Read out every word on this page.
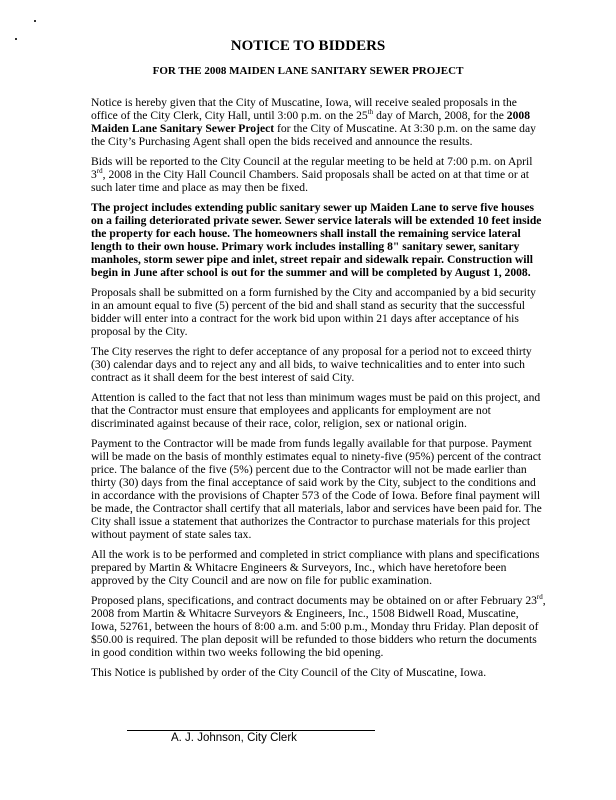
NOTICE TO BIDDERS
FOR THE 2008 MAIDEN LANE SANITARY SEWER PROJECT
Notice is hereby given that the City of Muscatine, Iowa, will receive sealed proposals in the
office of the City Clerk, City Hall, until 3:00 p.m. on the 25th day of March, 2008, for the 2008
Maiden Lane Sanitary Sewer Project for the City of Muscatine. At 3:30 p.m. on the same day
the City’s Purchasing Agent shall open the bids received and announce the results.
Bids will be reported to the City Council at the regular meeting to be held at 7:00 p.m. on April
3rd, 2008 in the City Hall Council Chambers. Said proposals shall be acted on at that time or at
such later time and place as may then be fixed.
The project includes extending public sanitary sewer up Maiden Lane to serve five houses
on a failing deteriorated private sewer. Sewer service laterals will be extended 10 feet inside
the property for each house. The homeowners shall install the remaining service lateral
length to their own house. Primary work includes installing 8" sanitary sewer, sanitary
manholes, storm sewer pipe and inlet, street repair and sidewalk repair. Construction will
begin in June after school is out for the summer and will be completed by August 1, 2008.
Proposals shall be submitted on a form furnished by the City and accompanied by a bid security
in an amount equal to five (5) percent of the bid and shall stand as security that the successful
bidder will enter into a contract for the work bid upon within 21 days after acceptance of his
proposal by the City.
The City reserves the right to defer acceptance of any proposal for a period not to exceed thirty
(30) calendar days and to reject any and all bids, to waive technicalities and to enter into such
contract as it shall deem for the best interest of said City.
Attention is called to the fact that not less than minimum wages must be paid on this project, and
that the Contractor must ensure that employees and applicants for employment are not
discriminated against because of their race, color, religion, sex or national origin.
Payment to the Contractor will be made from funds legally available for that purpose. Payment
will be made on the basis of monthly estimates equal to ninety-five (95%) percent of the contract
price. The balance of the five (5%) percent due to the Contractor will not be made earlier than
thirty (30) days from the final acceptance of said work by the City, subject to the conditions and
in accordance with the provisions of Chapter 573 of the Code of Iowa. Before final payment will
be made, the Contractor shall certify that all materials, labor and services have been paid for. The
City shall issue a statement that authorizes the Contractor to purchase materials for this project
without payment of state sales tax.
All the work is to be performed and completed in strict compliance with plans and specifications
prepared by Martin & Whitacre Engineers & Surveyors, Inc., which have heretofore been
approved by the City Council and are now on file for public examination.
Proposed plans, specifications, and contract documents may be obtained on or after February 23rd,
2008 from Martin & Whitacre Surveyors & Engineers, Inc., 1508 Bidwell Road, Muscatine,
Iowa, 52761, between the hours of 8:00 a.m. and 5:00 p.m., Monday thru Friday. Plan deposit of
$50.00 is required. The plan deposit will be refunded to those bidders who return the documents
in good condition within two weeks following the bid opening.
This Notice is published by order of the City Council of the City of Muscatine, Iowa.
A. J. Johnson, City Clerk
